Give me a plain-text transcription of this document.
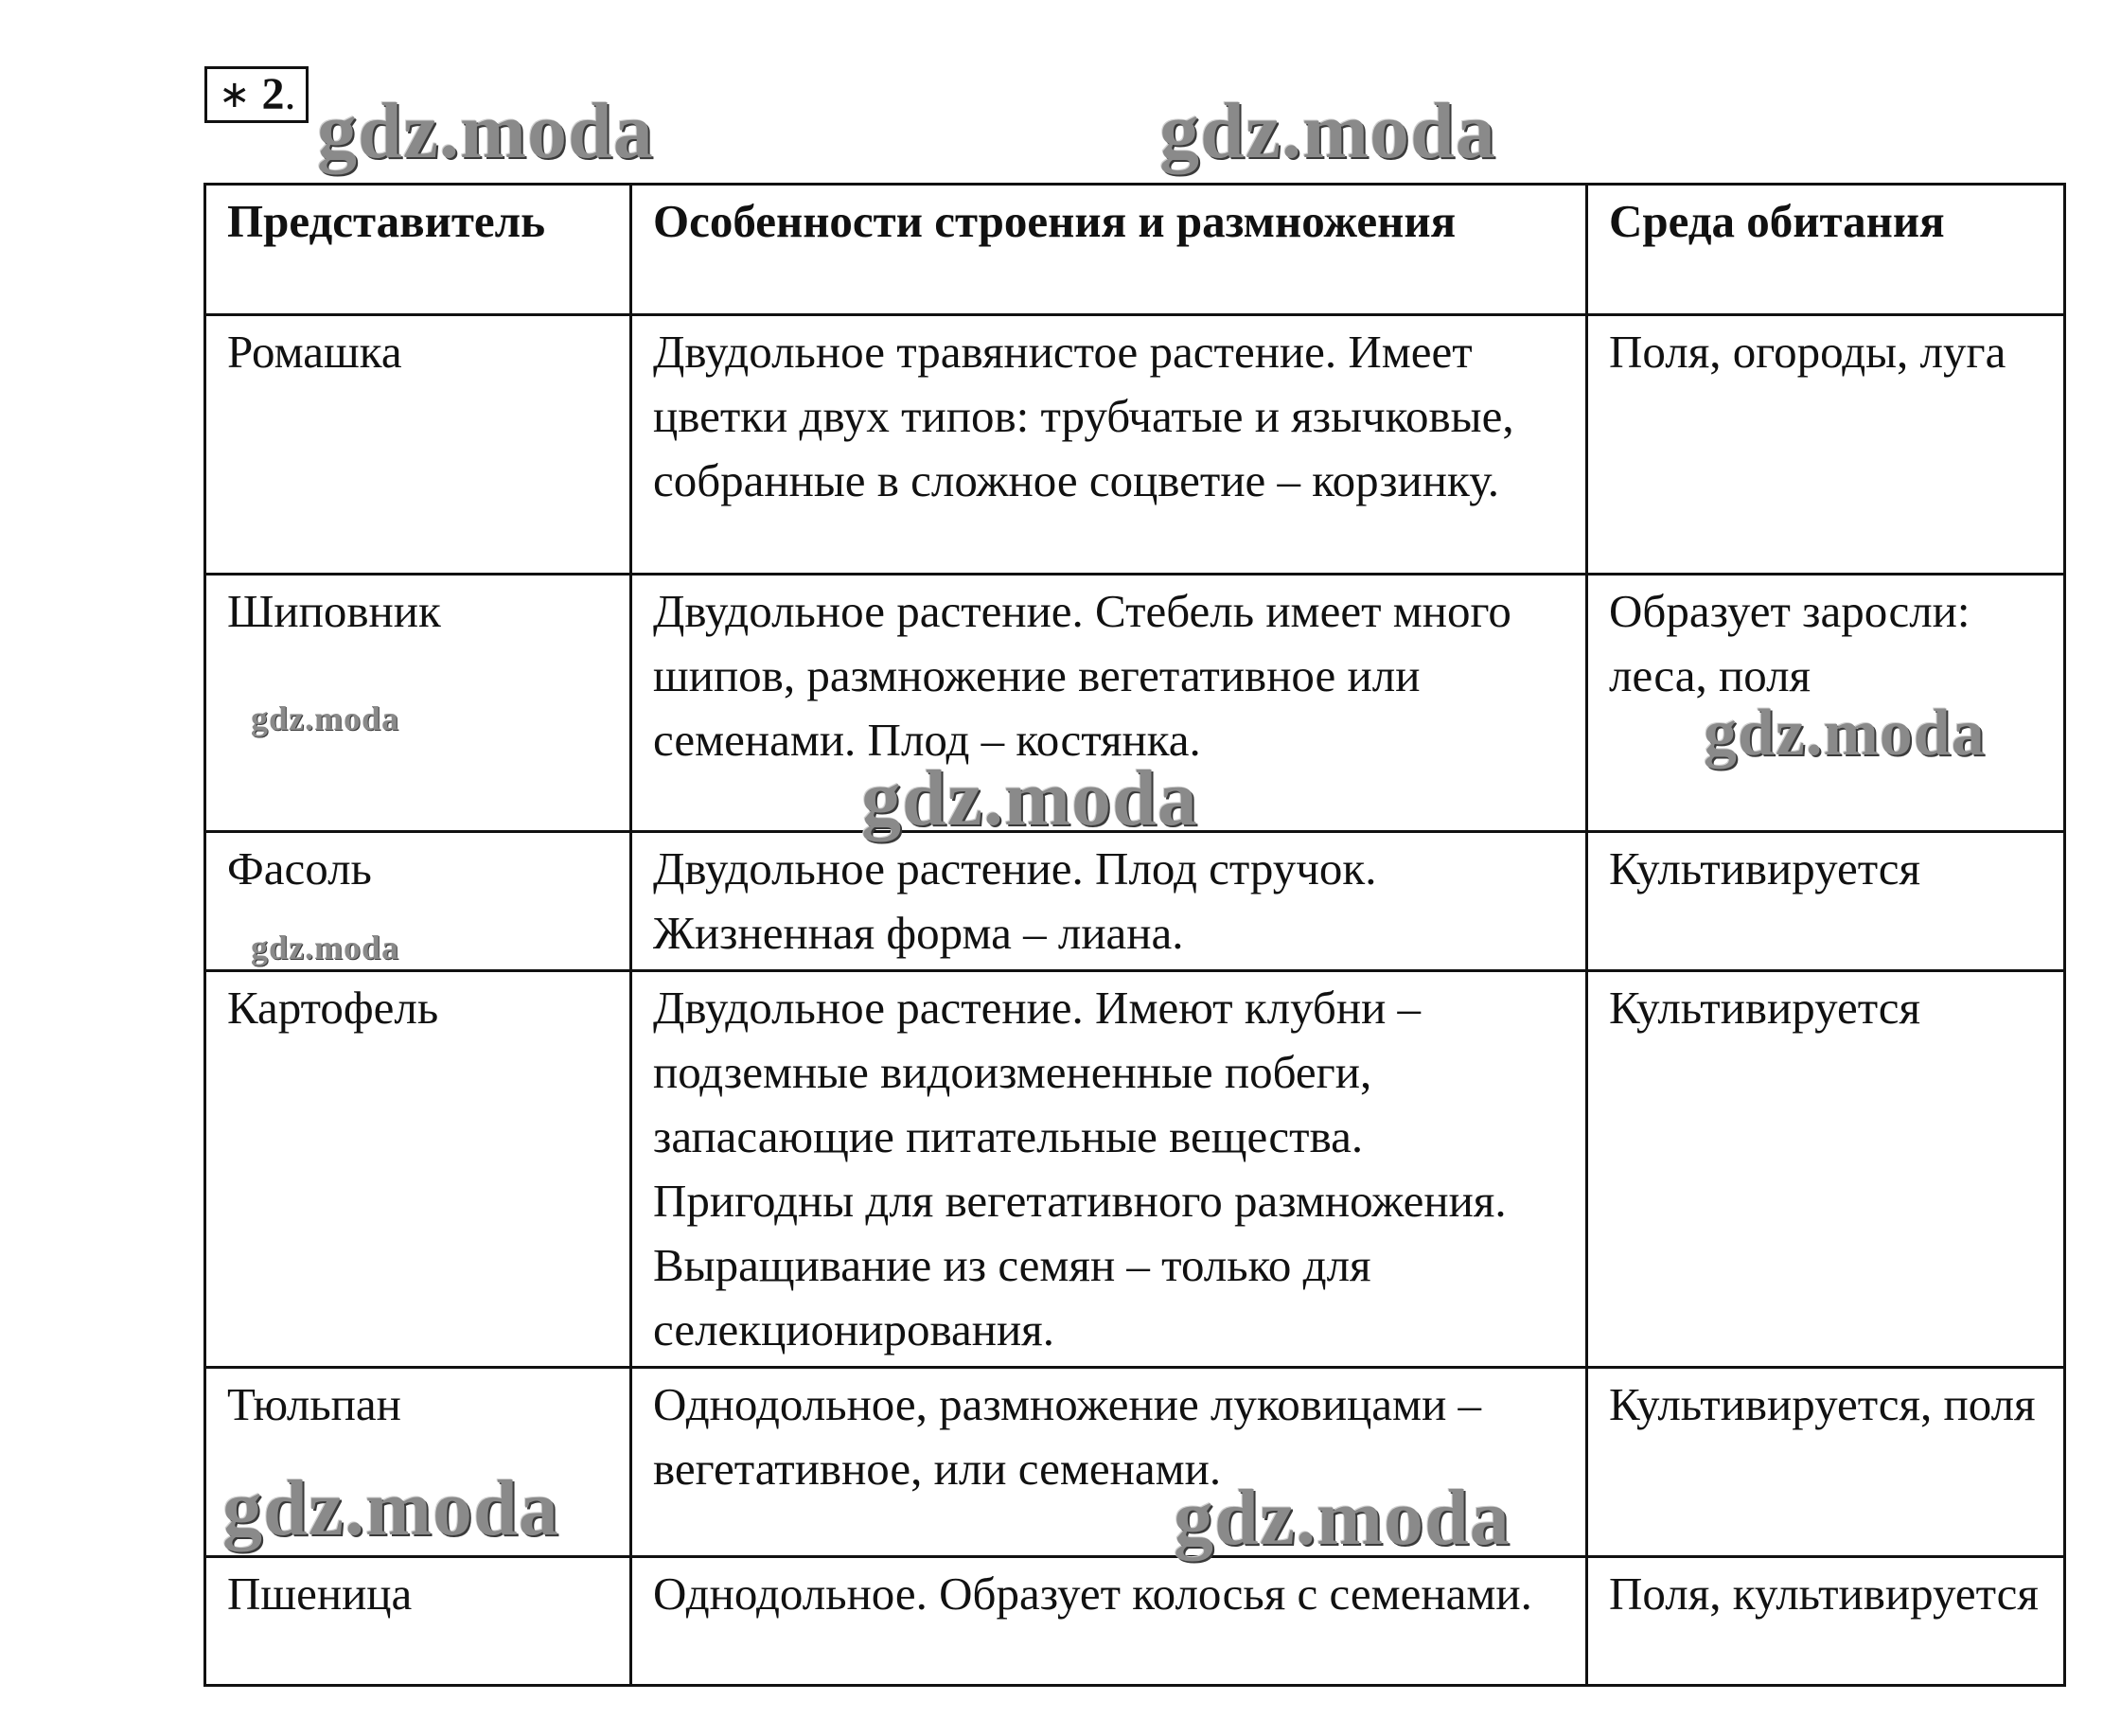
∗ 2 .
Представитель	Особенности строения и размножения	Среда обитания
Ромашка	Двудольное травянистое растение. Имеет цветки двух типов: трубчатые и язычковые, собранные в сложное соцветие – корзинку.	Поля, огороды, луга
Шиповник	Двудольное растение. Стебель имеет много шипов, размножение вегетативное или семенами. Плод – костянка.	Образует заросли: леса, поля
Фасоль	Двудольное растение. Плод стручок. Жизненная форма – лиана.	Культивируется
Картофель	Двудольное растение. Имеют клубни – подземные видоизмененные побеги, запасающие питательные вещества. Пригодны для вегетативного размножения. Выращивание из семян – только для селекционирования.	Культивируется
Тюльпан	Однодольное, размножение луковицами – вегетативное, или семенами.	Культивируется, поля
Пшеница	Однодольное. Образует колосья с семенами.	Поля, культивируется
gdz.moda	gdz.moda
gdz.moda	gdz.moda
gdz.moda
gdz.moda
gdz.moda	gdz.moda
